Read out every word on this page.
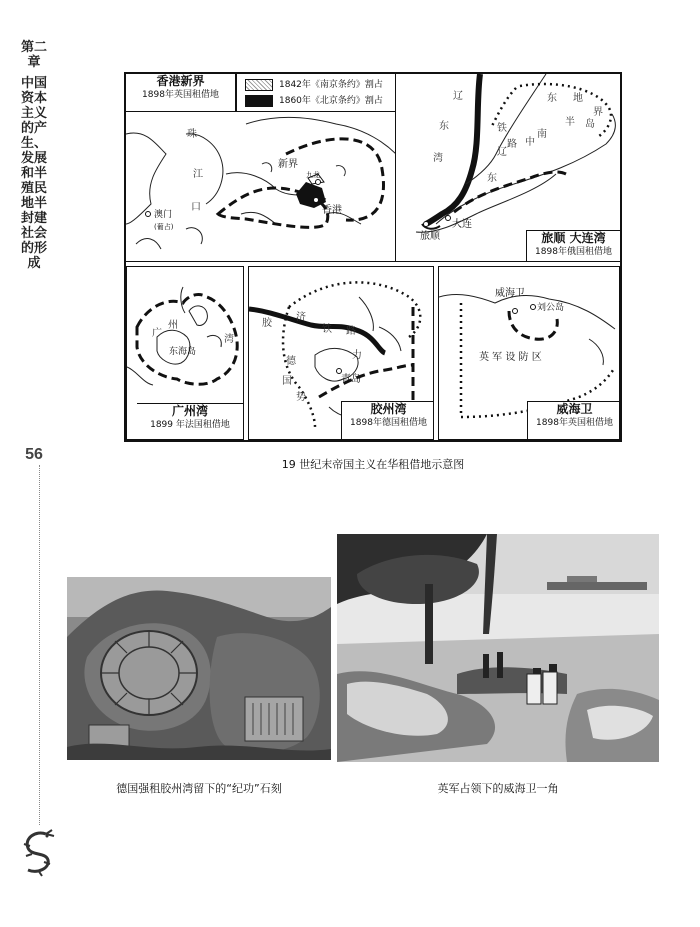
第二章
中国资本主义的产生、发展和半殖民地半封建社会的形成
56
香港新界
1898年英国租借地
1842年《南京条约》割占
1860年《北京条约》割占
珠
江
口
新界
九龙
香港
澳门
(葡占)
辽
东
湾
铁
辽
东
路
南
半
中
东
岛
地
界
旅顺
大连
旅顺 大连湾
1898年俄国租借地
广
州
湾
东海岛
广州湾
1899 年法国租借地
胶
济
铁 路
德
国
势
力
青岛
胶州湾
1898年德国租借地
威海卫
刘公岛
英 军 设 防 区
威海卫
1898年英国租借地
19 世纪末帝国主义在华租借地示意图
德国强租胶州湾留下的“纪功”石刻	英军占领下的威海卫一角
